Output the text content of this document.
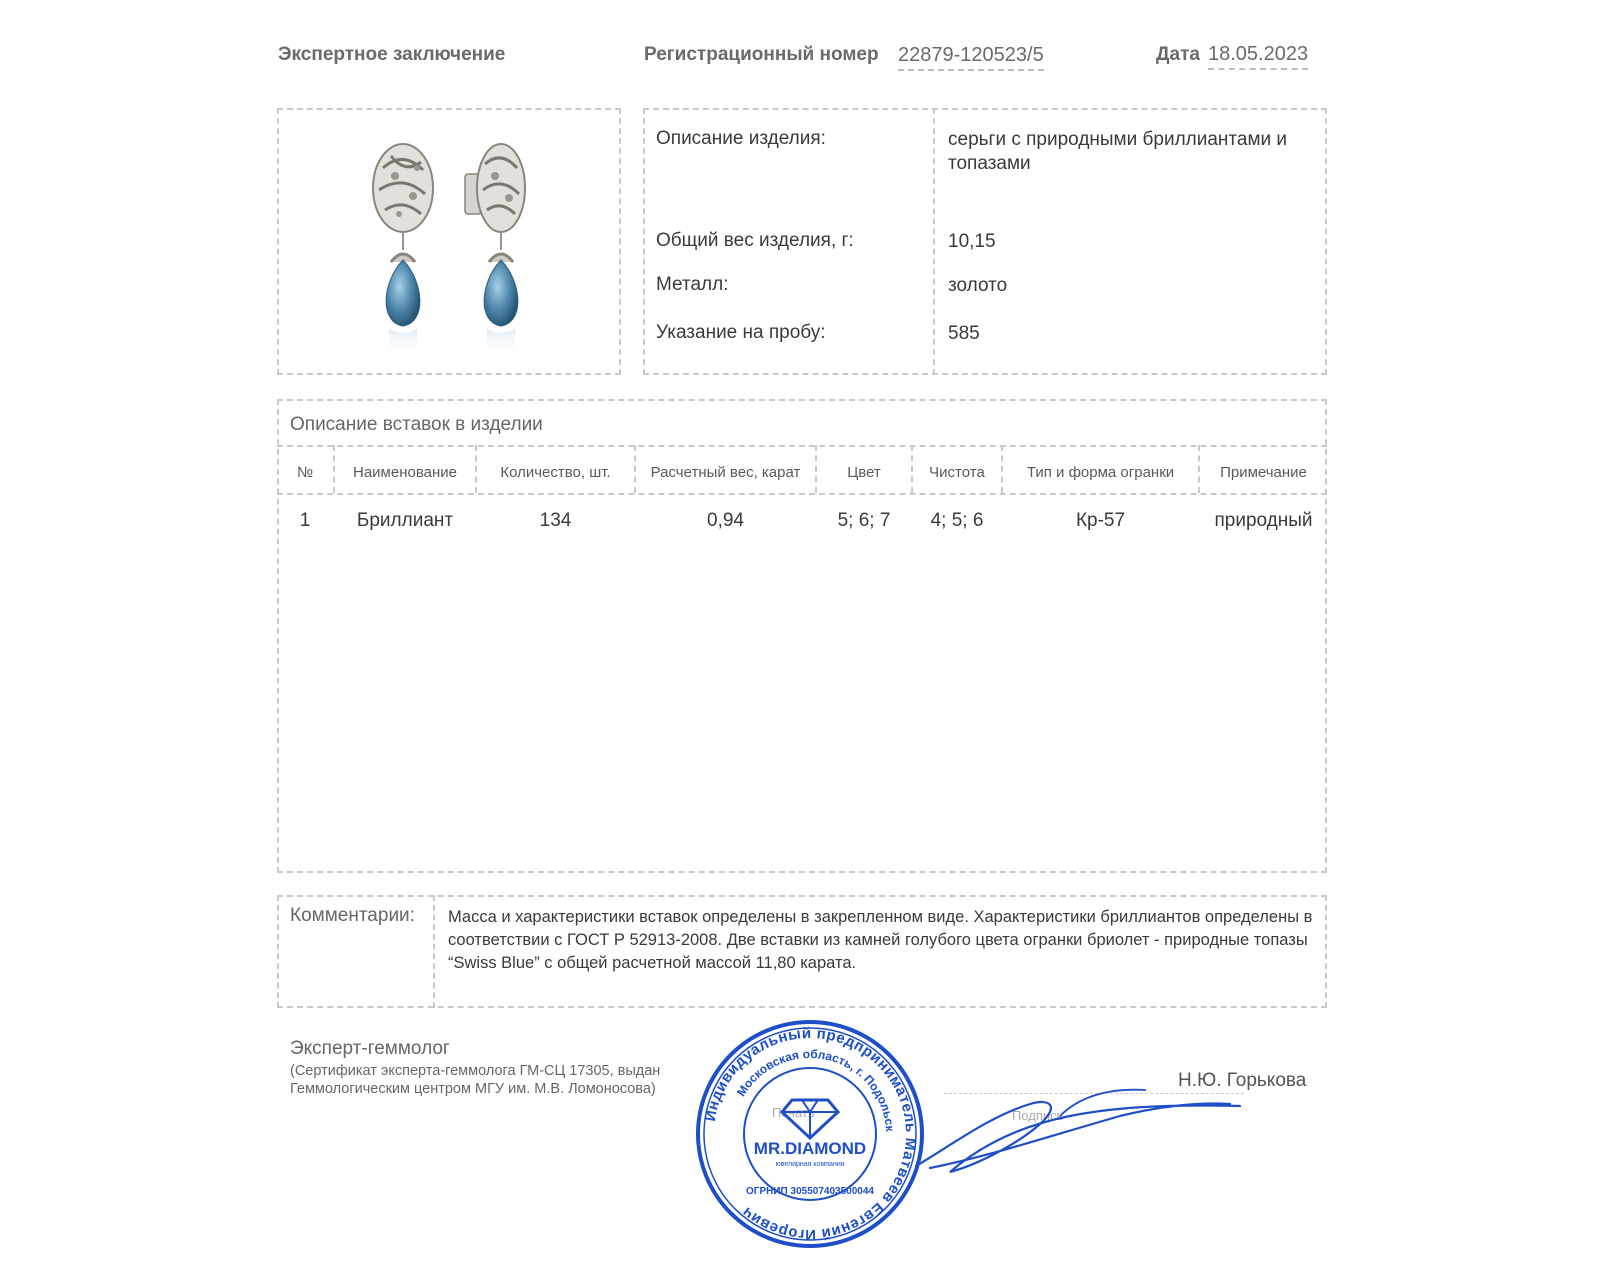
Экспертное заключение	Регистрационный номер 22879-120523/5	Дата 18.05.2023
Описание изделия:	серьги с природными бриллиантами и топазами
Общий вес изделия, г:	10,15
Металл:	золото
Указание на пробу:	585
Описание вставок в изделии
№	Наименование	Количество, шт.	Расчетный вес, карат	Цвет	Чистота	Тип и форма огранки	Примечание
1	Бриллиант	134	0,94	5; 6; 7	4; 5; 6	Кр-57	природный
Комментарии: Масса и характеристики вставок определены в закрепленном виде. Характеристики бриллиантов определены в соответствии с ГОСТ Р 52913-2008. Две вставки из камней голубого цвета огранки бриолет - природные топазы “Swiss Blue” с общей расчетной массой 11,80 карата.
Эксперт-геммолог
(Сертификат эксперта-геммолога ГМ-СЦ 17305, выдан Геммологическим центром МГУ им. М.В. Ломоносова)
Печать	Подпись
Н.Ю. Горькова
Индивидуальный предприниматель Матвеев Евгений Игоревич
Московская область, г. Подольск
MR.DIAMOND
ювелирная компания
ОГРНИП 305507403500044
